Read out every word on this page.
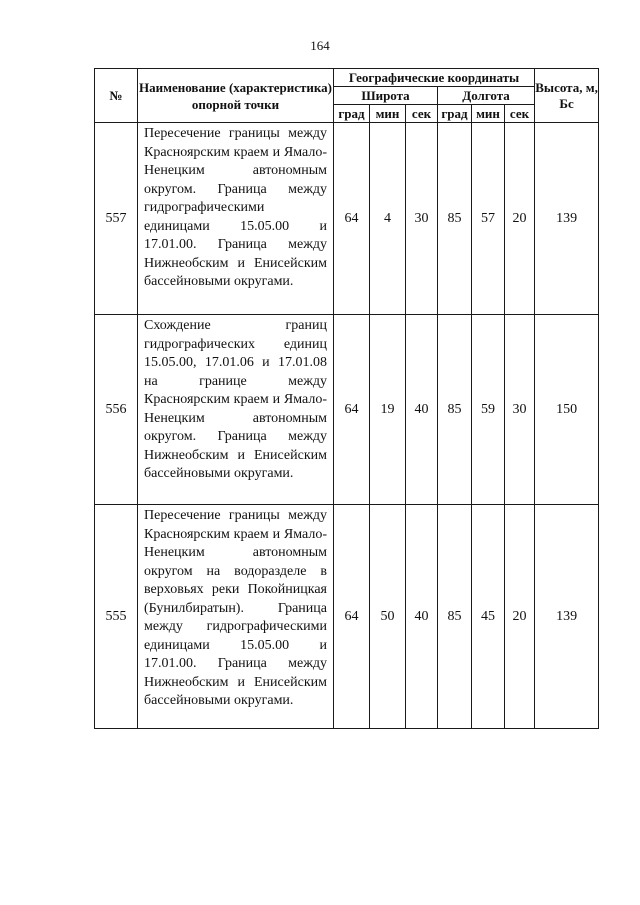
164
№	Наименование (характеристика) опорной точки	Географические координаты						Высота, м, Бс
		Широта			Долгота			
		град	мин	сек	град	мин	сек	
557	Пересечение границы между Красноярским краем и Ямало-Ненецким автономным округом. Граница между гидрографическими единицами 15.05.00 и 17.01.00. Граница между Нижнеобским и Енисейским бассейновыми округами.	64	4	30	85	57	20	139
556	Схождение границ гидрографических единиц 15.05.00, 17.01.06 и 17.01.08 на границе между Красноярским краем и Ямало-Ненецким автономным округом. Граница между Нижнеобским и Енисейским бассейновыми округами.	64	19	40	85	59	30	150
555	Пересечение границы между Красноярским краем и Ямало-Ненецким автономным округом на водоразделе в верховьях реки Покойницкая (Бунилбиратын). Граница между гидрографическими единицами 15.05.00 и 17.01.00. Граница между Нижнеобским и Енисейским бассейновыми округами.	64	50	40	85	45	20	139
